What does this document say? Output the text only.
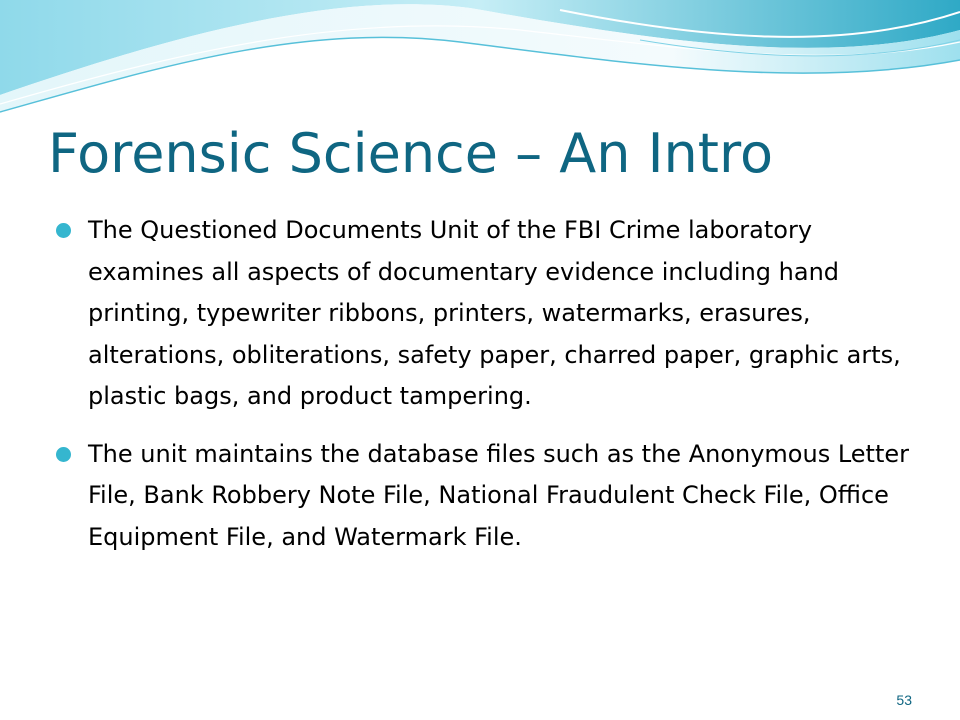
Forensic Science – An Intro
The Questioned Documents Unit of the FBI Crime laboratory examines all aspects of documentary evidence including hand printing, typewriter ribbons, printers, watermarks, erasures, alterations, obliterations, safety paper, charred paper, graphic arts, plastic bags, and product tampering.
The unit maintains the database files such as the Anonymous Letter File, Bank Robbery Note File, National Fraudulent Check File, Office Equipment File, and Watermark File.
53
